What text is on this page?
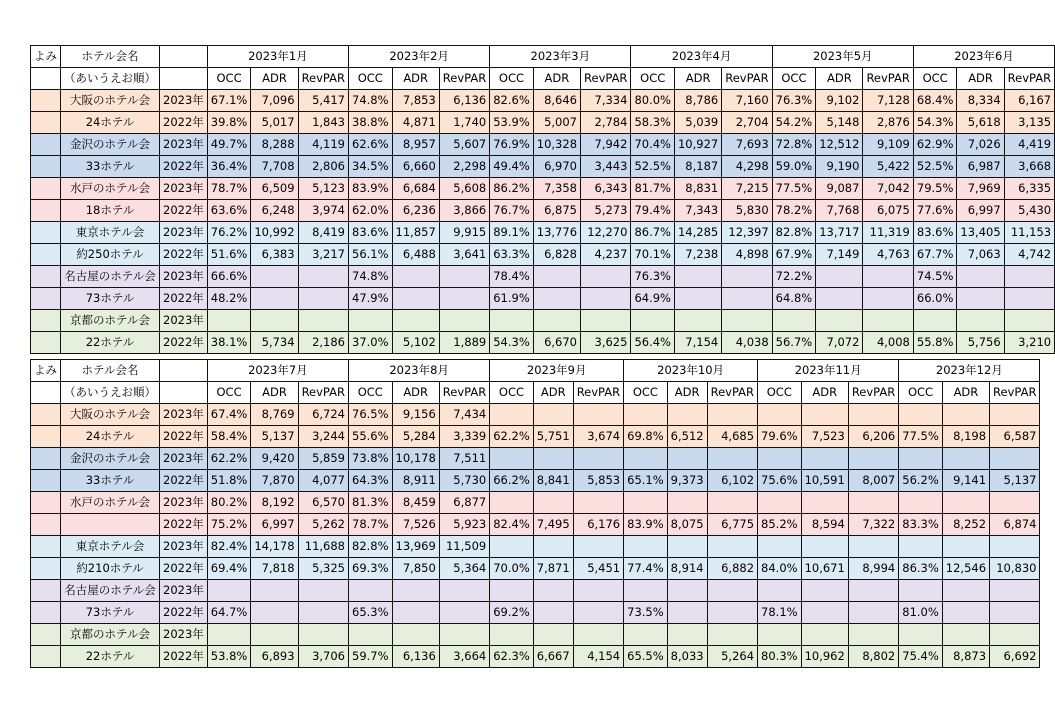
よみ	ホテル会名		2023年1月			2023年2月			2023年3月			2023年4月			2023年5月			2023年6月		
	（あいうえお順）		OCC	ADR	RevPAR	OCC	ADR	RevPAR	OCC	ADR	RevPAR	OCC	ADR	RevPAR	OCC	ADR	RevPAR	OCC	ADR	RevPAR
	大阪のホテル会	2023年	67.1%	7,096	5,417	74.8%	7,853	6,136	82.6%	8,646	7,334	80.0%	8,786	7,160	76.3%	9,102	7,128	68.4%	8,334	6,167
	24ホテル	2022年	39.8%	5,017	1,843	38.8%	4,871	1,740	53.9%	5,007	2,784	58.3%	5,039	2,704	54.2%	5,148	2,876	54.3%	5,618	3,135
	金沢のホテル会	2023年	49.7%	8,288	4,119	62.6%	8,957	5,607	76.9%	10,328	7,942	70.4%	10,927	7,693	72.8%	12,512	9,109	62.9%	7,026	4,419
	33ホテル	2022年	36.4%	7,708	2,806	34.5%	6,660	2,298	49.4%	6,970	3,443	52.5%	8,187	4,298	59.0%	9,190	5,422	52.5%	6,987	3,668
	水戸のホテル会	2023年	78.7%	6,509	5,123	83.9%	6,684	5,608	86.2%	7,358	6,343	81.7%	8,831	7,215	77.5%	9,087	7,042	79.5%	7,969	6,335
	18ホテル	2022年	63.6%	6,248	3,974	62.0%	6,236	3,866	76.7%	6,875	5,273	79.4%	7,343	5,830	78.2%	7,768	6,075	77.6%	6,997	5,430
	東京ホテル会	2023年	76.2%	10,992	8,419	83.6%	11,857	9,915	89.1%	13,776	12,270	86.7%	14,285	12,397	82.8%	13,717	11,319	83.6%	13,405	11,153
	約250ホテル	2022年	51.6%	6,383	3,217	56.1%	6,488	3,641	63.3%	6,828	4,237	70.1%	7,238	4,898	67.9%	7,149	4,763	67.7%	7,063	4,742
	名古屋のホテル会	2023年	66.6%			74.8%			78.4%			76.3%			72.2%			74.5%		
	73ホテル	2022年	48.2%			47.9%			61.9%			64.9%			64.8%			66.0%		
	京都のホテル会	2023年																		
	22ホテル	2022年	38.1%	5,734	2,186	37.0%	5,102	1,889	54.3%	6,670	3,625	56.4%	7,154	4,038	56.7%	7,072	4,008	55.8%	5,756	3,210
よみ	ホテル会名		2023年7月			2023年8月			2023年9月			2023年10月			2023年11月			2023年12月		
	（あいうえお順）		OCC	ADR	RevPAR	OCC	ADR	RevPAR	OCC	ADR	RevPAR	OCC	ADR	RevPAR	OCC	ADR	RevPAR	OCC	ADR	RevPAR
	大阪のホテル会	2023年	67.4%	8,769	6,724	76.5%	9,156	7,434												
	24ホテル	2022年	58.4%	5,137	3,244	55.6%	5,284	3,339	62.2%	5,751	3,674	69.8%	6,512	4,685	79.6%	7,523	6,206	77.5%	8,198	6,587
	金沢のホテル会	2023年	62.2%	9,420	5,859	73.8%	10,178	7,511												
	33ホテル	2022年	51.8%	7,870	4,077	64.3%	8,911	5,730	66.2%	8,841	5,853	65.1%	9,373	6,102	75.6%	10,591	8,007	56.2%	9,141	5,137
	水戸のホテル会	2023年	80.2%	8,192	6,570	81.3%	8,459	6,877												
		2022年	75.2%	6,997	5,262	78.7%	7,526	5,923	82.4%	7,495	6,176	83.9%	8,075	6,775	85.2%	8,594	7,322	83.3%	8,252	6,874
	東京ホテル会	2023年	82.4%	14,178	11,688	82.8%	13,969	11,509												
	約210ホテル	2022年	69.4%	7,818	5,325	69.3%	7,850	5,364	70.0%	7,871	5,451	77.4%	8,914	6,882	84.0%	10,671	8,994	86.3%	12,546	10,830
	名古屋のホテル会	2023年																		
	73ホテル	2022年	64.7%			65.3%			69.2%			73.5%			78.1%			81.0%		
	京都のホテル会	2023年																		
	22ホテル	2022年	53.8%	6,893	3,706	59.7%	6,136	3,664	62.3%	6,667	4,154	65.5%	8,033	5,264	80.3%	10,962	8,802	75.4%	8,873	6,692
